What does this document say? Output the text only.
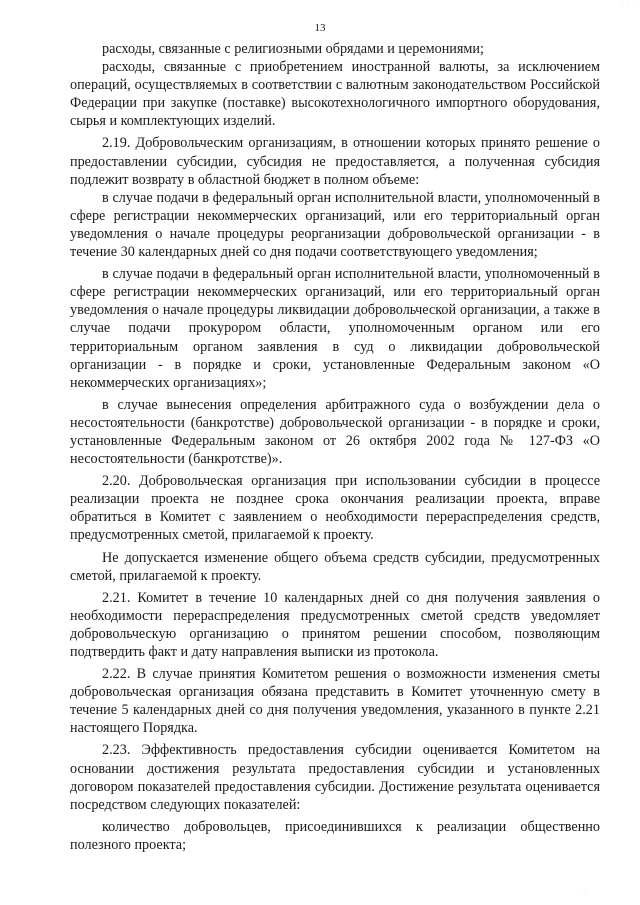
· · ·
13

расходы, связанные с религиозными обрядами и церемониями;

расходы, связанные с приобретением иностранной валюты, за исключением операций, осуществляемых в соответствии с валютным законодательством Российской Федерации при закупке (поставке) высокотехнологичного импортного оборудования, сырья и комплектующих изделий.

2.19. Добровольческим организациям, в отношении которых принято решение о предоставлении субсидии, субсидия не предоставляется, а полученная субсидия подлежит возврату в областной бюджет в полном объеме:

в случае подачи в федеральный орган исполнительной власти, уполномоченный в сфере регистрации некоммерческих организаций, или его территориальный орган уведомления о начале процедуры реорганизации добровольческой организации - в течение 30 календарных дней со дня подачи соответствующего уведомления;

в случае подачи в федеральный орган исполнительной власти, уполномоченный в сфере регистрации некоммерческих организаций, или его территориальный орган уведомления о начале процедуры ликвидации добровольческой организации, а также в случае подачи прокурором области, уполномоченным органом или его территориальным органом заявления в суд о ликвидации добровольческой организации - в порядке и сроки, установленные Федеральным законом «О некоммерческих организациях»;

в случае вынесения определения арбитражного суда о возбуждении дела о несостоятельности (банкротстве) добровольческой организации - в порядке и сроки, установленные Федеральным законом от 26 октября 2002 года № 127-ФЗ «О несостоятельности (банкротстве)».

2.20. Добровольческая организация при использовании субсидии в процессе реализации проекта не позднее срока окончания реализации проекта, вправе обратиться в Комитет с заявлением о необходимости перераспределения средств, предусмотренных сметой, прилагаемой к проекту.

Не допускается изменение общего объема средств субсидии, предусмотренных сметой, прилагаемой к проекту.

2.21. Комитет в течение 10 календарных дней со дня получения заявления о необходимости перераспределения предусмотренных сметой средств уведомляет добровольческую организацию о принятом решении способом, позволяющим подтвердить факт и дату направления выписки из протокола.

2.22. В случае принятия Комитетом решения о возможности изменения сметы добровольческая организация обязана представить в Комитет уточненную смету в течение 5 календарных дней со дня получения уведомления, указанного в пункте 2.21 настоящего Порядка.

2.23. Эффективность предоставления субсидии оценивается Комитетом на основании достижения результата предоставления субсидии и установленных договором показателей предоставления субсидии. Достижение результата оценивается посредством следующих показателей:

количество добровольцев, присоединившихся к реализации общественно полезного проекта;

· ·
